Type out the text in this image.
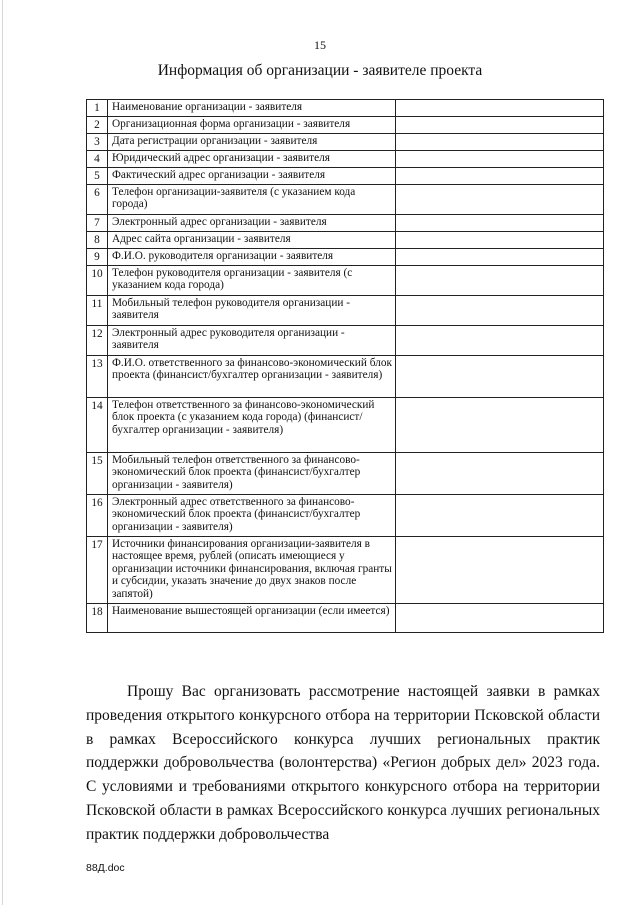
15
Информация об организации - заявителе проекта
1	Наименование организации - заявителя	
2	Организационная форма организации - заявителя	
3	Дата регистрации организации - заявителя	
4	Юридический адрес организации - заявителя	
5	Фактический адрес организации - заявителя	
6	Телефон организации-заявителя (с указанием кода города)	
7	Электронный адрес организации - заявителя	
8	Адрес сайта организации - заявителя	
9	Ф.И.О. руководителя организации - заявителя	
10	Телефон руководителя организации - заявителя (с указанием кода города)	
11	Мобильный телефон руководителя организации - заявителя	
12	Электронный адрес руководителя организации - заявителя	
13	Ф.И.О. ответственного за финансово-экономический блок проекта (финансист/бухгалтер организации - заявителя)	
14	Телефон ответственного за финансово-экономический блок проекта (с указанием кода города) (финансист/бухгалтер организации - заявителя)	
15	Мобильный телефон ответственного за финансово-экономический блок проекта (финансист/бухгалтер организации - заявителя)	
16	Электронный адрес ответственного за финансово-экономический блок проекта (финансист/бухгалтер организации - заявителя)	
17	Источники финансирования организации-заявителя в настоящее время, рублей (описать имеющиеся у организации источники финансирования, включая гранты и субсидии, указать значение до двух знаков после запятой)	
18	Наименование вышестоящей организации (если имеется)	
Прошу Вас организовать рассмотрение настоящей заявки в рамках
проведения открытого конкурсного отбора на территории Псковской области в рамках Всероссийского конкурса лучших региональных практик поддержки добровольчества (волонтерства) «Регион добрых дел» 2023 года. С условиями и требованиями открытого конкурсного отбора на территории Псковской области в рамках Всероссийского конкурса лучших региональных практик поддержки добровольчества
88Д.doc
